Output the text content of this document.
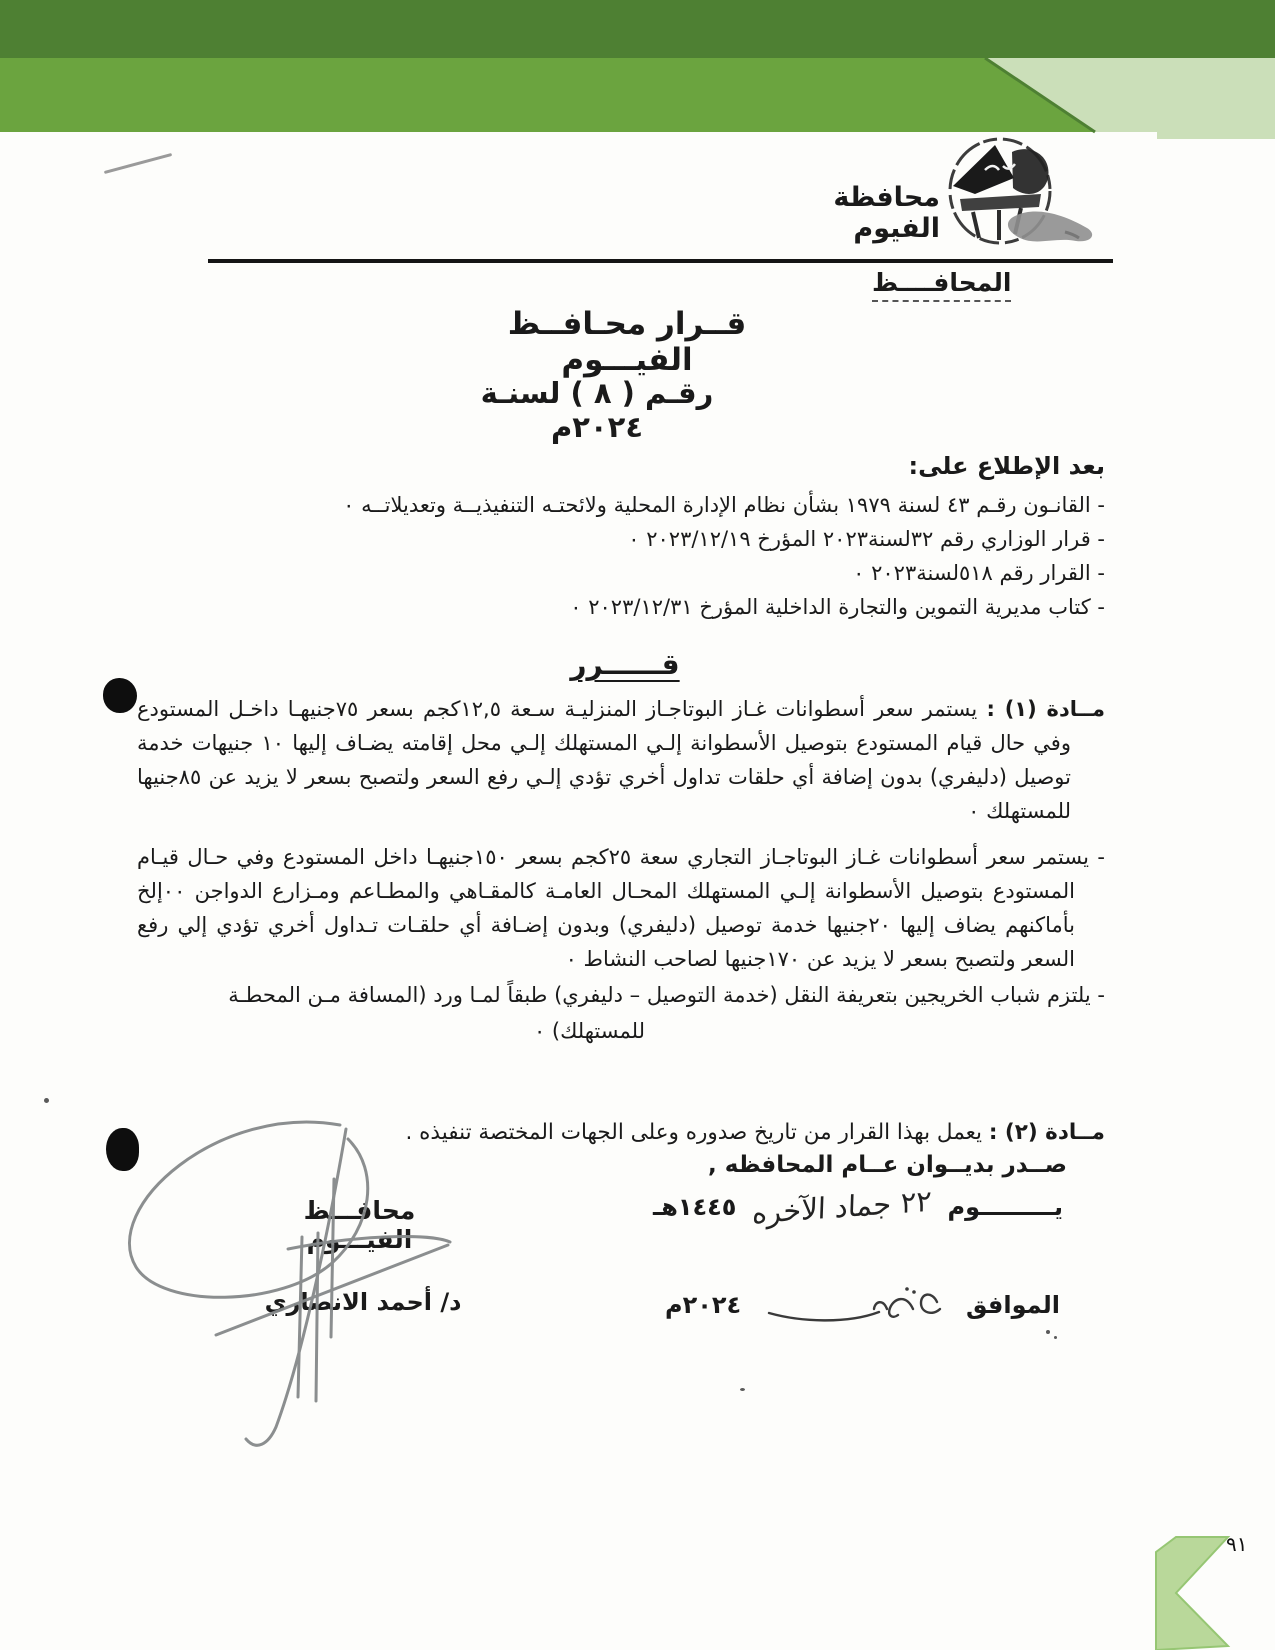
محافظة الفيوم
المحافــــظ
قــرار محـافــظ الفيـــوم
رقـم ( ٨ ) لسنـة ٢٠٢٤م
بعد الإطلاع على:

- القانـون رقـم ٤٣ لسنة ١٩٧٩ بشأن نظام الإدارة المحلية ولائحتـه التنفيذيــة وتعديلاتــه ٠

- قرار الوزاري رقم ٣٢لسنة٢٠٢٣ المؤرخ ٢٠٢٣/١٢/١٩ ٠

- القرار رقم ٥١٨لسنة٢٠٢٣ ٠

- كتاب مديرية التموين والتجارة الداخلية المؤرخ ٢٠٢٣/١٢/٣١ ٠

قــــــرر
مــادة (١) : يستمر سعر أسطوانات غـاز البوتاجـاز المنزليـة سـعة ١٢,٥كجم بسعر ٧٥جنيهـا داخـل المستودع وفي حال قيام المستودع بتوصيل الأسطوانة إلـي المستهلك إلـي محل إقامته يضـاف إليها ١٠ جنيهات خدمة توصيل (دليفري) بدون إضافة أي حلقات تداول أخري تؤدي إلـي رفع السعر ولتصبح بسعر لا يزيد عن ٨٥جنيها للمستهلك ٠

- يستمر سعر أسطوانات غـاز البوتاجـاز التجاري سعة ٢٥كجم بسعر ١٥٠جنيهـا داخل المستودع وفي حـال قيـام المستودع بتوصيل الأسطوانة إلـي المستهلك المحـال العامـة كالمقـاهي والمطـاعم ومـزارع الدواجن ٠٠إلخ بأماكنهم يضاف إليها ٢٠جنيها خدمة توصيل (دليفري) وبدون إضـافة أي حلقـات تـداول أخري تؤدي إلي رفع السعر ولتصبح بسعر لا يزيد عن ١٧٠جنيها لصاحب النشاط ٠

- يلتزم شباب الخريجين بتعريفة النقل (خدمة التوصيل – دليفري) طبقاً لمـا ورد (المسافة مـن المحطـة

للمستهلك) ٠

مــادة (٢) : يعمل بهذا القرار من تاريخ صدوره وعلى الجهات المختصة تنفيذه .
صــدر بديــوان عــام المحافظه ,
يـــــــــوم
٢٢ جماد الآخره
١٤٤٥هـ
الموافق
٢٠٢٤م
محافـــظ الفيـــوم
د/ أحمد الانصاري
٩١
